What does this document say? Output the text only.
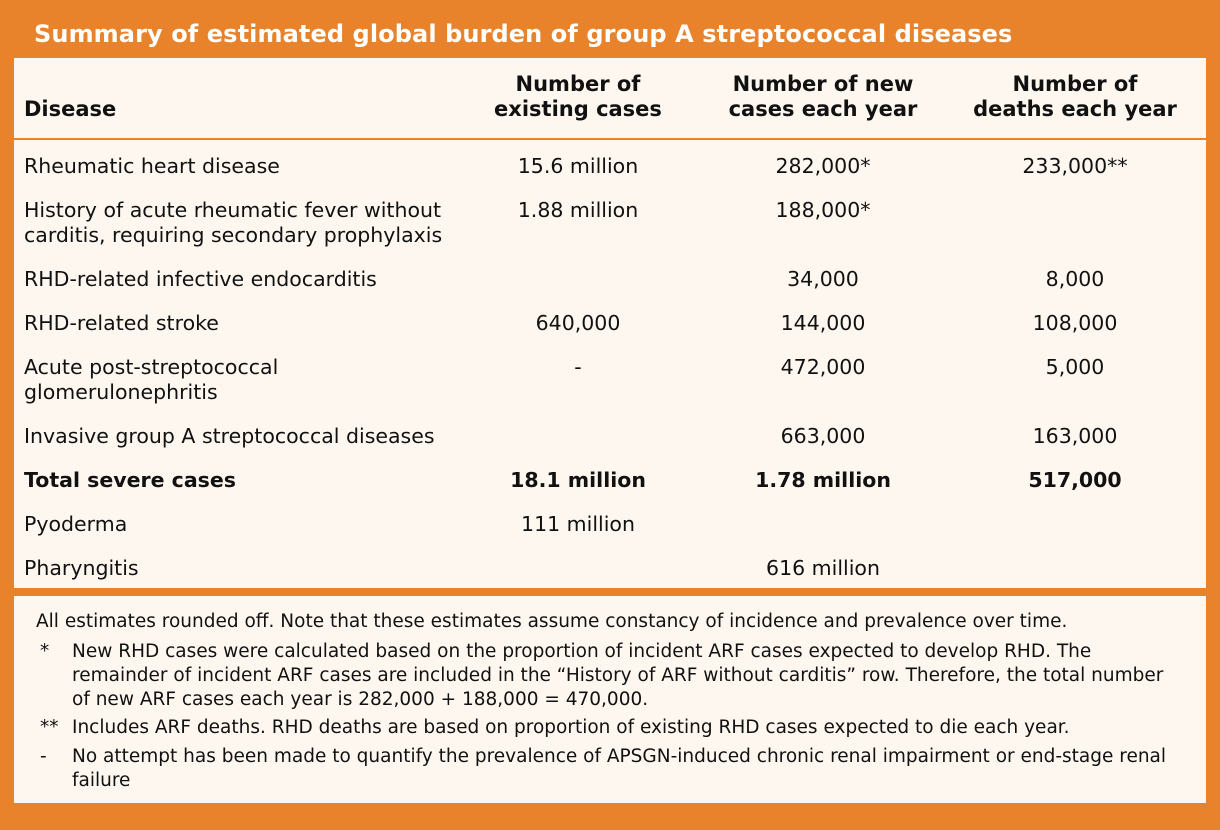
Summary of estimated global burden of group A streptococcal diseases
Disease	
Number of
existing cases

Number of new
cases each year

Number of
deaths each year

Rheumatic heart disease	15.6 million	282,000*	233,000**
History of acute rheumatic fever without carditis, requiring secondary prophylaxis	1.88 million	188,000*	
RHD-related infective endocarditis		34,000	8,000
RHD-related stroke	640,000	144,000	108,000
Acute post-streptococcal glomerulonephritis	-	472,000	5,000
Invasive group A streptococcal diseases		663,000	163,000
Total severe cases	18.1 million	1.78 million	517,000
Pyoderma	111 million		
Pharyngitis		616 million	
All estimates rounded off. Note that these estimates assume constancy of incidence and prevalence over time.
*	New RHD cases were calculated based on the proportion of incident ARF cases expected to develop RHD. The remainder of incident ARF cases are included in the “History of ARF without carditis” row. Therefore, the total number of new ARF cases each year is 282,000 + 188,000 = 470,000.
** Includes ARF deaths. RHD deaths are based on proportion of existing RHD cases expected to die each year.
-	No attempt has been made to quantify the prevalence of APSGN-induced chronic renal impairment or end-stage renal failure
